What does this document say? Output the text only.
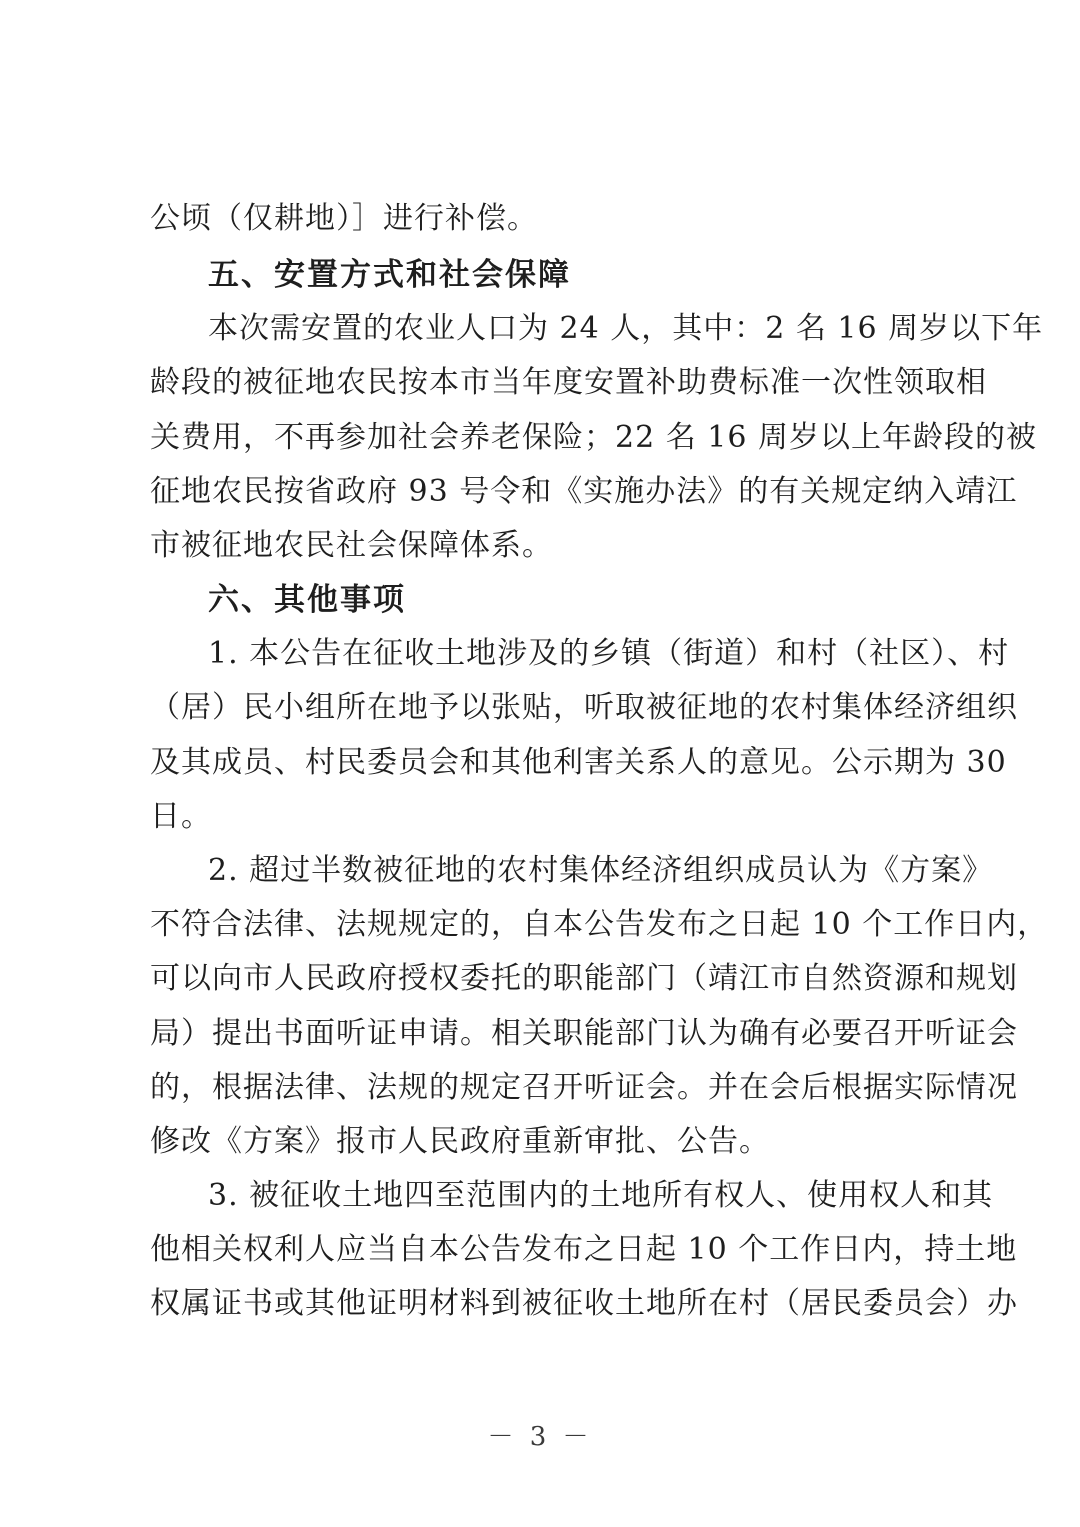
公顷（仅耕地）］进行补偿。
五、安置方式和社会保障
本次需安置的农业人口为 24 人，其中：2 名 16 周岁以下年
龄段的被征地农民按本市当年度安置补助费标准一次性领取相
关费用，不再参加社会养老保险；22 名 16 周岁以上年龄段的被
征地农民按省政府 93 号令和《实施办法》的有关规定纳入靖江
市被征地农民社会保障体系。
六、其他事项
1. 本公告在征收土地涉及的乡镇（街道）和村（社区）、村
（居）民小组所在地予以张贴，听取被征地的农村集体经济组织
及其成员、村民委员会和其他利害关系人的意见。公示期为 30
日。
2. 超过半数被征地的农村集体经济组织成员认为《方案》
不符合法律、法规规定的，自本公告发布之日起 10 个工作日内，
可以向市人民政府授权委托的职能部门（靖江市自然资源和规划
局）提出书面听证申请。相关职能部门认为确有必要召开听证会
的，根据法律、法规的规定召开听证会。并在会后根据实际情况
修改《方案》报市人民政府重新审批、公告。
3. 被征收土地四至范围内的土地所有权人、使用权人和其
他相关权利人应当自本公告发布之日起 10 个工作日内，持土地
权属证书或其他证明材料到被征收土地所在村（居民委员会）办
－ 3 －
